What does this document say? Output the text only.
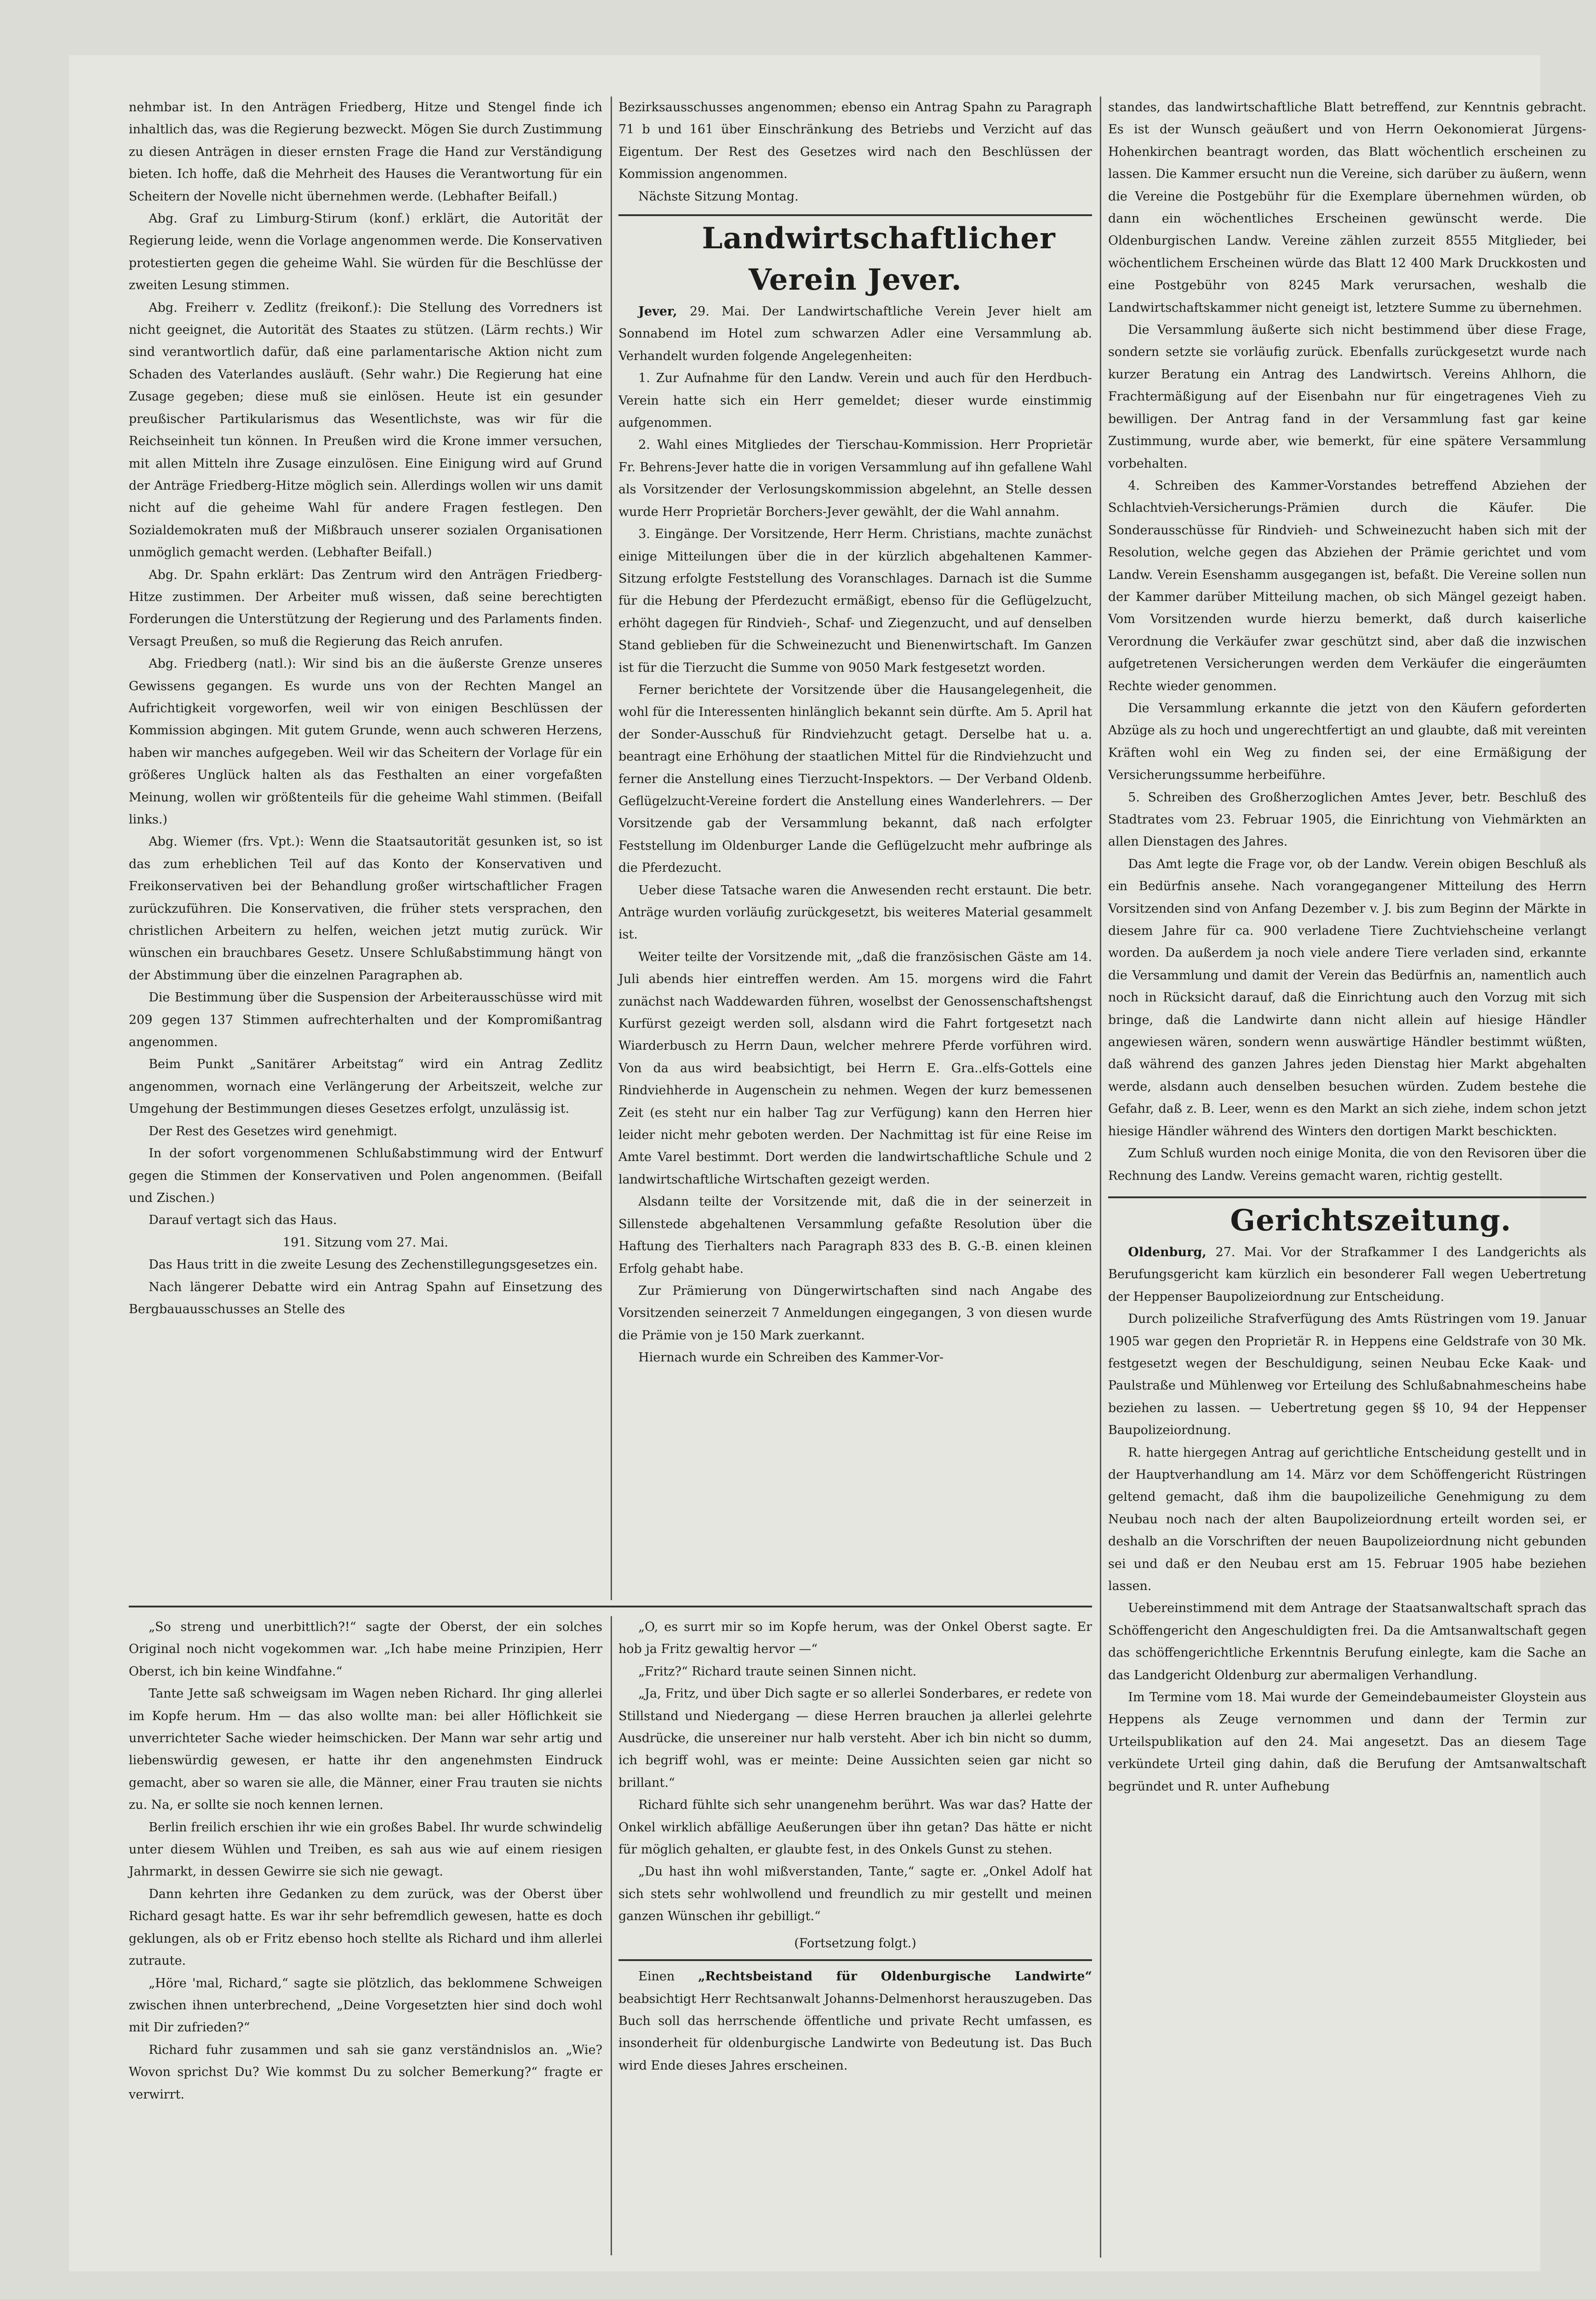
nehmbar ist. In den Anträgen Friedberg, Hitze und Stengel finde ich inhaltlich das, was die Regierung bezweckt. Mögen Sie durch Zustimmung zu diesen Anträgen in dieser ernsten Frage die Hand zur Verständigung bieten. Ich hoffe, daß die Mehrheit des Hauses die Verantwortung für ein Scheitern der Novelle nicht übernehmen werde. (Lebhafter Beifall.)

Abg. Graf zu Limburg-Stirum (konf.) erklärt, die Autorität der Regierung leide, wenn die Vorlage angenommen werde. Die Konservativen protestierten gegen die geheime Wahl. Sie würden für die Beschlüsse der zweiten Lesung stimmen.

Abg. Freiherr v. Zedlitz (freikonf.): Die Stellung des Vorredners ist nicht geeignet, die Autorität des Staates zu stützen. (Lärm rechts.) Wir sind verantwortlich dafür, daß eine parlamentarische Aktion nicht zum Schaden des Vaterlandes ausläuft. (Sehr wahr.) Die Regierung hat eine Zusage gegeben; diese muß sie einlösen. Heute ist ein gesunder preußischer Partikularismus das Wesentlichste, was wir für die Reichseinheit tun können. In Preußen wird die Krone immer versuchen, mit allen Mitteln ihre Zusage einzulösen. Eine Einigung wird auf Grund der Anträge Friedberg-Hitze möglich sein. Allerdings wollen wir uns damit nicht auf die geheime Wahl für andere Fragen festlegen. Den Sozialdemokraten muß der Mißbrauch unserer sozialen Organisationen unmöglich gemacht werden. (Lebhafter Beifall.)

Abg. Dr. Spahn erklärt: Das Zentrum wird den Anträgen Friedberg-Hitze zustimmen. Der Arbeiter muß wissen, daß seine berechtigten Forderungen die Unterstützung der Regierung und des Parlaments finden. Versagt Preußen, so muß die Regierung das Reich anrufen.

Abg. Friedberg (natl.): Wir sind bis an die äußerste Grenze unseres Gewissens gegangen. Es wurde uns von der Rechten Mangel an Aufrichtigkeit vorgeworfen, weil wir von einigen Beschlüssen der Kommission abgingen. Mit gutem Grunde, wenn auch schweren Herzens, haben wir manches aufgegeben. Weil wir das Scheitern der Vorlage für ein größeres Unglück halten als das Festhalten an einer vorgefaßten Meinung, wollen wir größtenteils für die geheime Wahl stimmen. (Beifall links.)

Abg. Wiemer (frs. Vpt.): Wenn die Staatsautorität gesunken ist, so ist das zum erheblichen Teil auf das Konto der Konservativen und Freikonservativen bei der Behandlung großer wirtschaftlicher Fragen zurückzuführen. Die Konservativen, die früher stets versprachen, den christlichen Arbeitern zu helfen, weichen jetzt mutig zurück. Wir wünschen ein brauchbares Gesetz. Unsere Schlußabstimmung hängt von der Abstimmung über die einzelnen Paragraphen ab.

Die Bestimmung über die Suspension der Arbeiterausschüsse wird mit 209 gegen 137 Stimmen aufrechterhalten und der Kompromißantrag angenommen.

Beim Punkt „Sanitärer Arbeitstag“ wird ein Antrag Zedlitz angenommen, wornach eine Verlängerung der Arbeitszeit, welche zur Umgehung der Bestimmungen dieses Gesetzes erfolgt, unzulässig ist.

Der Rest des Gesetzes wird genehmigt.

In der sofort vorgenommenen Schlußabstimmung wird der Entwurf gegen die Stimmen der Konservativen und Polen angenommen. (Beifall und Zischen.)

Darauf vertagt sich das Haus.

191. Sitzung vom 27. Mai.

Das Haus tritt in die zweite Lesung des Zechenstillegungsgesetzes ein.

Nach längerer Debatte wird ein Antrag Spahn auf Einsetzung des Bergbauausschusses an Stelle des

Bezirksausschusses angenommen; ebenso ein Antrag Spahn zu Paragraph 71 b und 161 über Einschränkung des Betriebs und Verzicht auf das Eigentum. Der Rest des Gesetzes wird nach den Beschlüssen der Kommission angenommen.

Nächste Sitzung Montag.

Landwirtschaftlicher Verein Jever.

Jever, 29. Mai. Der Landwirtschaftliche Verein Jever hielt am Sonnabend im Hotel zum schwarzen Adler eine Versammlung ab. Verhandelt wurden folgende Angelegenheiten:

1. Zur Aufnahme für den Landw. Verein und auch für den Herdbuch-Verein hatte sich ein Herr gemeldet; dieser wurde einstimmig aufgenommen.

2. Wahl eines Mitgliedes der Tierschau-Kommission. Herr Proprietär Fr. Behrens-Jever hatte die in vorigen Versammlung auf ihn gefallene Wahl als Vorsitzender der Verlosungskommission abgelehnt, an Stelle dessen wurde Herr Proprietär Borchers-Jever gewählt, der die Wahl annahm.

3. Eingänge. Der Vorsitzende, Herr Herm. Christians, machte zunächst einige Mitteilungen über die in der kürzlich abgehaltenen Kammer-Sitzung erfolgte Feststellung des Voranschlages. Darnach ist die Summe für die Hebung der Pferdezucht ermäßigt, ebenso für die Geflügelzucht, erhöht dagegen für Rindvieh-, Schaf- und Ziegenzucht, und auf denselben Stand geblieben für die Schweinezucht und Bienenwirtschaft. Im Ganzen ist für die Tierzucht die Summe von 9050 Mark festgesetzt worden.

Ferner berichtete der Vorsitzende über die Hausangelegenheit, die wohl für die Interessenten hinlänglich bekannt sein dürfte. Am 5. April hat der Sonder-Ausschuß für Rindviehzucht getagt. Derselbe hat u. a. beantragt eine Erhöhung der staatlichen Mittel für die Rindviehzucht und ferner die Anstellung eines Tierzucht-Inspektors. — Der Verband Oldenb. Geflügelzucht-Vereine fordert die Anstellung eines Wanderlehrers. — Der Vorsitzende gab der Versammlung bekannt, daß nach erfolgter Feststellung im Oldenburger Lande die Geflügelzucht mehr aufbringe als die Pferdezucht.

Ueber diese Tatsache waren die Anwesenden recht erstaunt. Die betr. Anträge wurden vorläufig zurückgesetzt, bis weiteres Material gesammelt ist.

Weiter teilte der Vorsitzende mit, „daß die französischen Gäste am 14. Juli abends hier eintreffen werden. Am 15. morgens wird die Fahrt zunächst nach Waddewarden führen, woselbst der Genossenschaftshengst Kurfürst gezeigt werden soll, alsdann wird die Fahrt fortgesetzt nach Wiarderbusch zu Herrn Daun, welcher mehrere Pferde vorführen wird. Von da aus wird beabsichtigt, bei Herrn E. Gra..elfs-Gottels eine Rindviehherde in Augenschein zu nehmen. Wegen der kurz bemessenen Zeit (es steht nur ein halber Tag zur Verfügung) kann den Herren hier leider nicht mehr geboten werden. Der Nachmittag ist für eine Reise im Amte Varel bestimmt. Dort werden die landwirtschaftliche Schule und 2 landwirtschaftliche Wirtschaften gezeigt werden.

Alsdann teilte der Vorsitzende mit, daß die in der seinerzeit in Sillenstede abgehaltenen Versammlung gefaßte Resolution über die Haftung des Tierhalters nach Paragraph 833 des B. G.-B. einen kleinen Erfolg gehabt habe.

Zur Prämierung von Düngerwirtschaften sind nach Angabe des Vorsitzenden seinerzeit 7 Anmeldungen eingegangen, 3 von diesen wurde die Prämie von je 150 Mark zuerkannt.

Hiernach wurde ein Schreiben des Kammer-Vor-

standes, das landwirtschaftliche Blatt betreffend, zur Kenntnis gebracht. Es ist der Wunsch geäußert und von Herrn Oekonomierat Jürgens-Hohenkirchen beantragt worden, das Blatt wöchentlich erscheinen zu lassen. Die Kammer ersucht nun die Vereine, sich darüber zu äußern, wenn die Vereine die Postgebühr für die Exemplare übernehmen würden, ob dann ein wöchentliches Erscheinen gewünscht werde. Die Oldenburgischen Landw. Vereine zählen zurzeit 8555 Mitglieder, bei wöchentlichem Erscheinen würde das Blatt 12 400 Mark Druckkosten und eine Postgebühr von 8245 Mark verursachen, weshalb die Landwirtschaftskammer nicht geneigt ist, letztere Summe zu übernehmen.

Die Versammlung äußerte sich nicht bestimmend über diese Frage, sondern setzte sie vorläufig zurück. Ebenfalls zurückgesetzt wurde nach kurzer Beratung ein Antrag des Landwirtsch. Vereins Ahlhorn, die Frachtermäßigung auf der Eisenbahn nur für eingetragenes Vieh zu bewilligen. Der Antrag fand in der Versammlung fast gar keine Zustimmung, wurde aber, wie bemerkt, für eine spätere Versammlung vorbehalten.

4. Schreiben des Kammer-Vorstandes betreffend Abziehen der Schlachtvieh-Versicherungs-Prämien durch die Käufer. Die Sonderausschüsse für Rindvieh- und Schweinezucht haben sich mit der Resolution, welche gegen das Abziehen der Prämie gerichtet und vom Landw. Verein Esenshamm ausgegangen ist, befaßt. Die Vereine sollen nun der Kammer darüber Mitteilung machen, ob sich Mängel gezeigt haben. Vom Vorsitzenden wurde hierzu bemerkt, daß durch kaiserliche Verordnung die Verkäufer zwar geschützt sind, aber daß die inzwischen aufgetretenen Versicherungen werden dem Verkäufer die eingeräumten Rechte wieder genommen.

Die Versammlung erkannte die jetzt von den Käufern geforderten Abzüge als zu hoch und ungerechtfertigt an und glaubte, daß mit vereinten Kräften wohl ein Weg zu finden sei, der eine Ermäßigung der Versicherungssumme herbeiführe.

5. Schreiben des Großherzoglichen Amtes Jever, betr. Beschluß des Stadtrates vom 23. Februar 1905, die Einrichtung von Viehmärkten an allen Dienstagen des Jahres.

Das Amt legte die Frage vor, ob der Landw. Verein obigen Beschluß als ein Bedürfnis ansehe. Nach vorangegangener Mitteilung des Herrn Vorsitzenden sind von Anfang Dezember v. J. bis zum Beginn der Märkte in diesem Jahre für ca. 900 verladene Tiere Zuchtviehscheine verlangt worden. Da außerdem ja noch viele andere Tiere verladen sind, erkannte die Versammlung und damit der Verein das Bedürfnis an, namentlich auch noch in Rücksicht darauf, daß die Einrichtung auch den Vorzug mit sich bringe, daß die Landwirte dann nicht allein auf hiesige Händler angewiesen wären, sondern wenn auswärtige Händler bestimmt wüßten, daß während des ganzen Jahres jeden Dienstag hier Markt abgehalten werde, alsdann auch denselben besuchen würden. Zudem bestehe die Gefahr, daß z. B. Leer, wenn es den Markt an sich ziehe, indem schon jetzt hiesige Händler während des Winters den dortigen Markt beschickten.

Zum Schluß wurden noch einige Monita, die von den Revisoren über die Rechnung des Landw. Vereins gemacht waren, richtig gestellt.

Gerichtszeitung.

Oldenburg, 27. Mai. Vor der Strafkammer I des Landgerichts als Berufungsgericht kam kürzlich ein besonderer Fall wegen Uebertretung der Heppenser Baupolizeiordnung zur Entscheidung.

Durch polizeiliche Strafverfügung des Amts Rüstringen vom 19. Januar 1905 war gegen den Proprietär R. in Heppens eine Geldstrafe von 30 Mk. festgesetzt wegen der Beschuldigung, seinen Neubau Ecke Kaak- und Paulstraße und Mühlenweg vor Erteilung des Schlußabnahmescheins habe beziehen zu lassen. — Uebertretung gegen §§ 10, 94 der Heppenser Baupolizeiordnung.

R. hatte hiergegen Antrag auf gerichtliche Entscheidung gestellt und in der Hauptverhandlung am 14. März vor dem Schöffengericht Rüstringen geltend gemacht, daß ihm die baupolizeiliche Genehmigung zu dem Neubau noch nach der alten Baupolizeiordnung erteilt worden sei, er deshalb an die Vorschriften der neuen Baupolizeiordnung nicht gebunden sei und daß er den Neubau erst am 15. Februar 1905 habe beziehen lassen.

Uebereinstimmend mit dem Antrage der Staatsanwaltschaft sprach das Schöffengericht den Angeschuldigten frei. Da die Amtsanwaltschaft gegen das schöffengerichtliche Erkenntnis Berufung einlegte, kam die Sache an das Landgericht Oldenburg zur abermaligen Verhandlung.

Im Termine vom 18. Mai wurde der Gemeindebaumeister Gloystein aus Heppens als Zeuge vernommen und dann der Termin zur Urteilspublikation auf den 24. Mai angesetzt. Das an diesem Tage verkündete Urteil ging dahin, daß die Berufung der Amtsanwaltschaft begründet und R. unter Aufhebung

„So streng und unerbittlich?!“ sagte der Oberst, der ein solches Original noch nicht vogekommen war. „Ich habe meine Prinzipien, Herr Oberst, ich bin keine Windfahne.“

Tante Jette saß schweigsam im Wagen neben Richard. Ihr ging allerlei im Kopfe herum. Hm — das also wollte man: bei aller Höflichkeit sie unverrichteter Sache wieder heimschicken. Der Mann war sehr artig und liebenswürdig gewesen, er hatte ihr den angenehmsten Eindruck gemacht, aber so waren sie alle, die Männer, einer Frau trauten sie nichts zu. Na, er sollte sie noch kennen lernen.

Berlin freilich erschien ihr wie ein großes Babel. Ihr wurde schwindelig unter diesem Wühlen und Treiben, es sah aus wie auf einem riesigen Jahrmarkt, in dessen Gewirre sie sich nie gewagt.

Dann kehrten ihre Gedanken zu dem zurück, was der Oberst über Richard gesagt hatte. Es war ihr sehr befremdlich gewesen, hatte es doch geklungen, als ob er Fritz ebenso hoch stellte als Richard und ihm allerlei zutraute.

„Höre 'mal, Richard,“ sagte sie plötzlich, das beklommene Schweigen zwischen ihnen unterbrechend, „Deine Vorgesetzten hier sind doch wohl mit Dir zufrieden?“

Richard fuhr zusammen und sah sie ganz verständnislos an. „Wie? Wovon sprichst Du? Wie kommst Du zu solcher Bemerkung?“ fragte er verwirrt.

„O, es surrt mir so im Kopfe herum, was der Onkel Oberst sagte. Er hob ja Fritz gewaltig hervor —“

„Fritz?“ Richard traute seinen Sinnen nicht.

„Ja, Fritz, und über Dich sagte er so allerlei Sonderbares, er redete von Stillstand und Niedergang — diese Herren brauchen ja allerlei gelehrte Ausdrücke, die unsereiner nur halb versteht. Aber ich bin nicht so dumm, ich begriff wohl, was er meinte: Deine Aussichten seien gar nicht so brillant.“

Richard fühlte sich sehr unangenehm berührt. Was war das? Hatte der Onkel wirklich abfällige Aeußerungen über ihn getan? Das hätte er nicht für möglich gehalten, er glaubte fest, in des Onkels Gunst zu stehen.

„Du hast ihn wohl mißverstanden, Tante,“ sagte er. „Onkel Adolf hat sich stets sehr wohlwollend und freundlich zu mir gestellt und meinen ganzen Wünschen ihr gebilligt.“

(Fortsetzung folgt.)

Einen „Rechtsbeistand für Oldenburgische Landwirte“ beabsichtigt Herr Rechtsanwalt Johanns-Delmenhorst herauszugeben. Das Buch soll das herrschende öffentliche und private Recht umfassen, es insonderheit für oldenburgische Landwirte von Bedeutung ist. Das Buch wird Ende dieses Jahres erscheinen.
